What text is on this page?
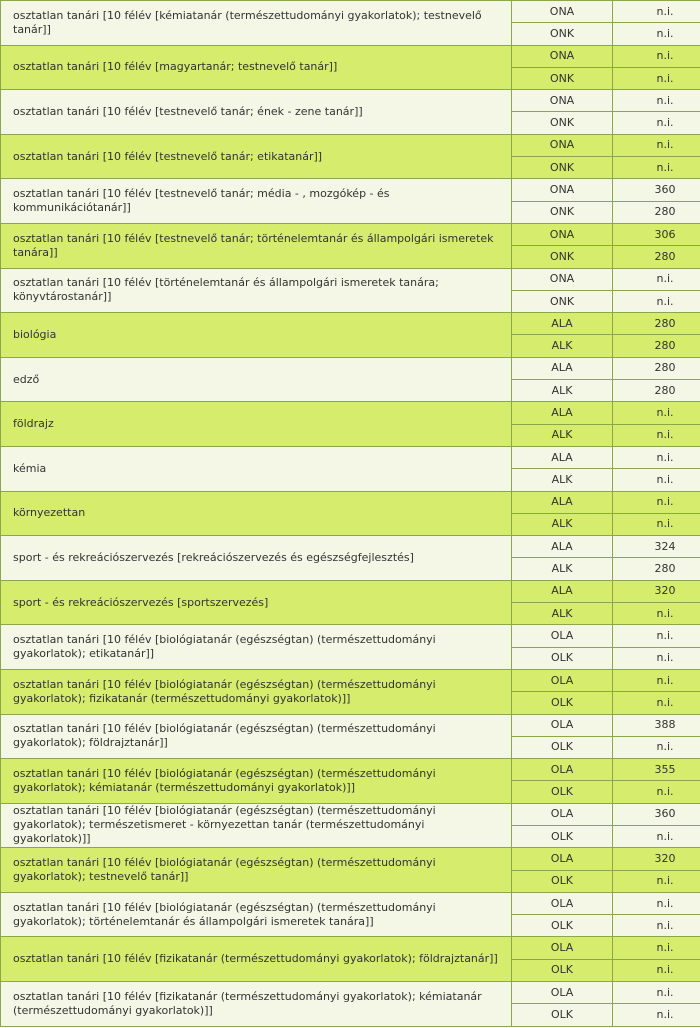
osztatlan tanári [10 félév [kémiatanár (természettudományi gyakorlatok); testnevelő tanár]]	ONA	n.i.
	ONK	n.i.
osztatlan tanári [10 félév [magyartanár; testnevelő tanár]]	ONA	n.i.
	ONK	n.i.
osztatlan tanári [10 félév [testnevelő tanár; ének - zene tanár]]	ONA	n.i.
	ONK	n.i.
osztatlan tanári [10 félév [testnevelő tanár; etikatanár]]	ONA	n.i.
	ONK	n.i.
osztatlan tanári [10 félév [testnevelő tanár; média - , mozgókép - és kommunikációtanár]]	ONA	360
	ONK	280
osztatlan tanári [10 félév [testnevelő tanár; történelemtanár és állampolgári ismeretek tanára]]	ONA	306
	ONK	280
osztatlan tanári [10 félév [történelemtanár és állampolgári ismeretek tanára; könyvtárostanár]]	ONA	n.i.
	ONK	n.i.
biológia	ALA	280
	ALK	280
edző	ALA	280
	ALK	280
földrajz	ALA	n.i.
	ALK	n.i.
kémia	ALA	n.i.
	ALK	n.i.
környezettan	ALA	n.i.
	ALK	n.i.
sport - és rekreációszervezés [rekreációszervezés és egészségfejlesztés]	ALA	324
	ALK	280
sport - és rekreációszervezés [sportszervezés]	ALA	320
	ALK	n.i.
osztatlan tanári [10 félév [biológiatanár (egészségtan) (természettudományi gyakorlatok); etikatanár]]	OLA	n.i.
	OLK	n.i.
osztatlan tanári [10 félév [biológiatanár (egészségtan) (természettudományi gyakorlatok); fizikatanár (természettudományi gyakorlatok)]]	OLA	n.i.
	OLK	n.i.
osztatlan tanári [10 félév [biológiatanár (egészségtan) (természettudományi gyakorlatok); földrajztanár]]	OLA	388
	OLK	n.i.
osztatlan tanári [10 félév [biológiatanár (egészségtan) (természettudományi gyakorlatok); kémiatanár (természettudományi gyakorlatok)]]	OLA	355
	OLK	n.i.
osztatlan tanári [10 félév [biológiatanár (egészségtan) (természettudományi gyakorlatok); természetismeret - környezettan tanár (természettudományi gyakorlatok)]]	OLA	360
	OLK	n.i.
osztatlan tanári [10 félév [biológiatanár (egészségtan) (természettudományi gyakorlatok); testnevelő tanár]]	OLA	320
	OLK	n.i.
osztatlan tanári [10 félév [biológiatanár (egészségtan) (természettudományi gyakorlatok); történelemtanár és állampolgári ismeretek tanára]]	OLA	n.i.
	OLK	n.i.
osztatlan tanári [10 félév [fizikatanár (természettudományi gyakorlatok); földrajztanár]]	OLA	n.i.
	OLK	n.i.
osztatlan tanári [10 félév [fizikatanár (természettudományi gyakorlatok); kémiatanár (természettudományi gyakorlatok)]]	OLA	n.i.
	OLK	n.i.
